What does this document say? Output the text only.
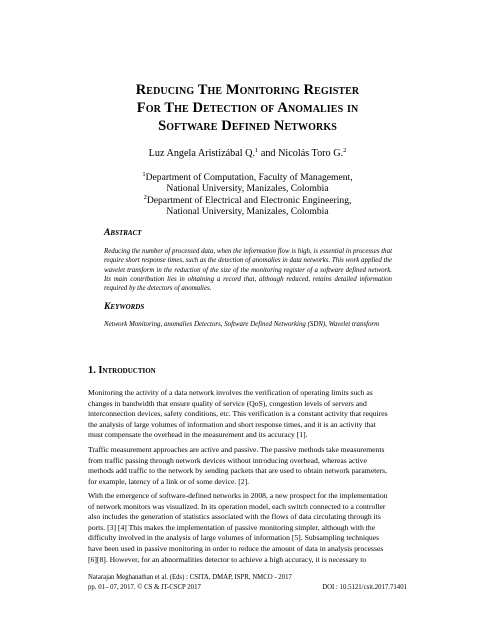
Reducing The Monitoring Register
For The Detection of Anomalies in
Software Defined Networks
Luz Angela Aristizábal Q.$^1$ and Nicolás Toro G.$^2$
$^1$Department of Computation, Faculty of Management,
National University, Manizales, Colombia
$^2$Department of Electrical and Electronic Engineering,
National University, Manizales, Colombia
Abstract
Reducing the number of processed data, when the information flow is high, is essential in processes that require short response times, such as the detection of anomalies in data networks. This work applied the wavelet transform in the reduction of the size of the monitoring register of a software defined network. Its main contribution lies in obtaining a record that, although reduced, retains detailed information required by the detectors of anomalies.
Keywords
Network Monitoring, anomalies Detectors, Software Defined Networking (SDN), Wavelet transform
1. Introduction
Monitoring the activity of a data network involves the verification of operating limits such as
changes in bandwidth that ensure quality of service (QoS), congestion levels of servers and
interconnection devices, safety conditions, etc. This verification is a constant activity that requires
the analysis of large volumes of information and short response times, and it is an activity that
must compensate the overhead in the measurement and its accuracy [1].
Traffic measurement approaches are active and passive. The passive methods take measurements
from traffic passing through network devices without introducing overhead, whereas active
methods add traffic to the network by sending packets that are used to obtain network parameters,
for example, latency of a link or of some device. [2].
With the emergence of software-defined networks in 2008, a new prospect for the implementation
of network monitors was visualized. In its operation model, each switch connected to a controller
also includes the generation of statistics associated with the flows of data circulating through its
ports. [3] [4] This makes the implementation of passive monitoring simpler, although with the
difficulty involved in the analysis of large volumes of information [5]. Subsampling techniques
have been used in passive monitoring in order to reduce the amount of data in analysis processes
[6][8]. However, for an abnormalities detector to achieve a high accuracy, it is necessary to
Natarajan Meghanathan et al. (Eds) : CSITA, DMAP, ISPR, NMCO - 2017
pp. 01– 07, 2017. © CS & IT-CSCP 2017	DOI : 10.5121/csit.2017.71401
